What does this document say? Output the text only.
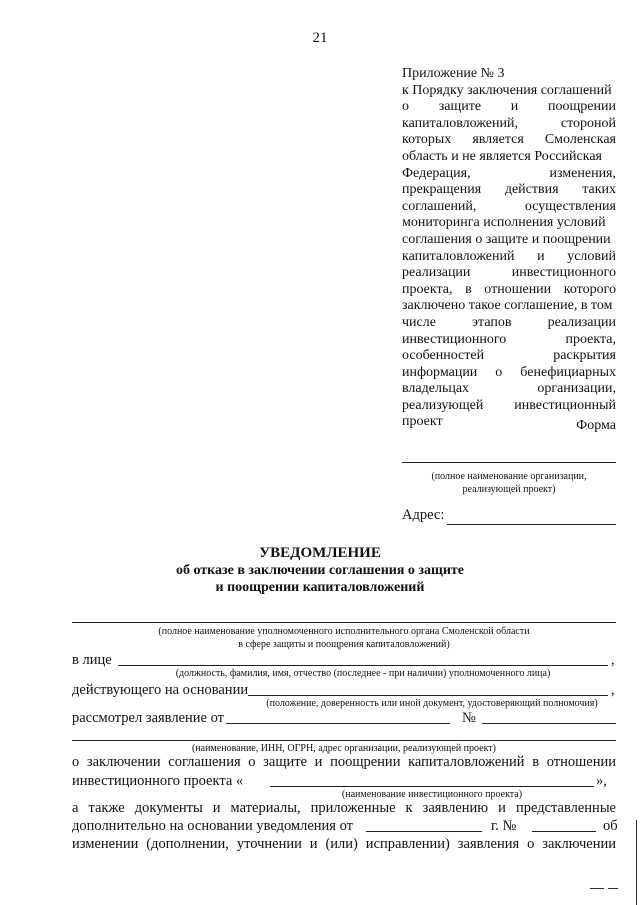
21
Приложение № 3
к Порядку заключения соглашений
о защите и поощрении
капиталовложений, стороной
которых является Смоленская
область и не является Российская
Федерация, изменения,
прекращения действия таких
соглашений, осуществления
мониторинга исполнения условий
соглашения о защите и поощрении
капиталовложений и условий
реализации инвестиционного
проекта, в отношении которого
заключено такое соглашение, в том
числе этапов реализации
инвестиционного проекта,
особенностей раскрытия
информации о бенефициарных
владельцах организации,
реализующей инвестиционный
проект	Форма
(полное наименование организации,
реализующей проект)
Адрес:
УВЕДОМЛЕНИЕ
об отказе в заключении соглашения о защите
и поощрении капиталовложений
(полное наименование уполномоченного исполнительного органа Смоленской области
в сфере защиты и поощрения капиталовложений)
в лице	,
(должность, фамилия, имя, отчество (последнее - при наличии) уполномоченного лица)
действующего на основании	,
(положение, доверенность или иной документ, удостоверяющий полномочия)
рассмотрел заявление от	№
(наименование, ИНН, ОГРН, адрес организации, реализующей проект)
о заключении соглашения о защите и поощрении капиталовложений в отношении
инвестиционного проекта «	»,
(наименование инвестиционного проекта)
а также документы и материалы, приложенные к заявлению и представленные
дополнительно на основании уведомления от	г. №	об
изменении (дополнении, уточнении и (или) исправлении) заявления о заключении
